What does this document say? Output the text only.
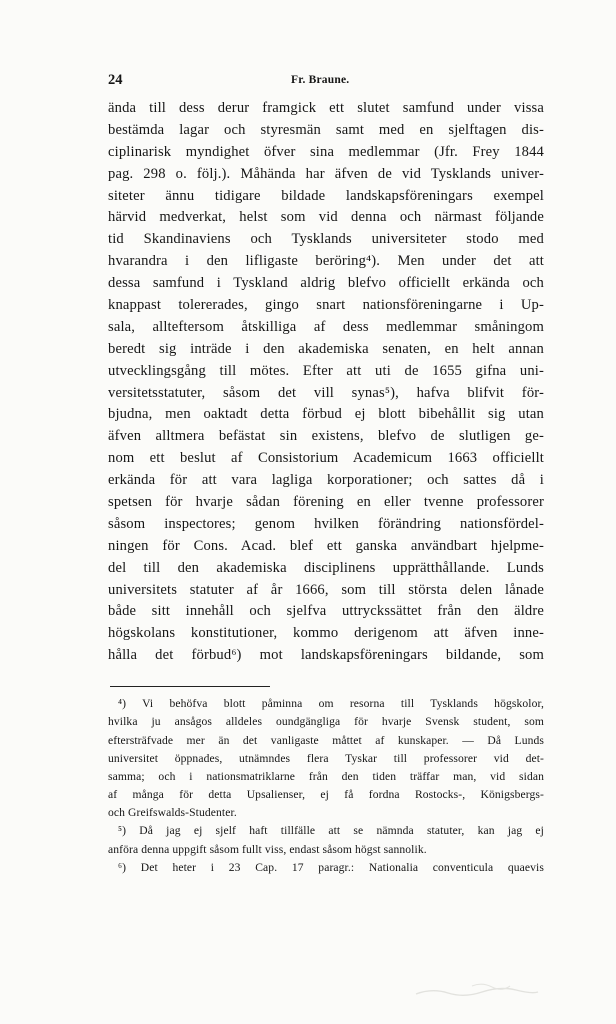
24	Fr. Braune.
ända till dess derur framgick ett slutet samfund under vissa
bestämda lagar och styresmän samt med en sjelftagen dis-
ciplinarisk myndighet öfver sina medlemmar (Jfr. Frey 1844
pag. 298 o. följ.). Måhända har äfven de vid Tysklands univer-
siteter ännu tidigare bildade landskapsföreningars exempel
härvid medverkat, helst som vid denna och närmast följande
tid Skandinaviens och Tysklands universiteter stodo med
hvarandra i den lifligaste beröring⁴). Men under det att
dessa samfund i Tyskland aldrig blefvo officiellt erkända och
knappast tolererades, gingo snart nationsföreningarne i Up-
sala, allteftersom åtskilliga af dess medlemmar småningom
beredt sig inträde i den akademiska senaten, en helt annan
utvecklingsgång till mötes. Efter att uti de 1655 gifna uni-
versitetsstatuter, såsom det vill synas⁵), hafva blifvit för-
bjudna, men oaktadt detta förbud ej blott bibehållit sig utan
äfven alltmera befästat sin existens, blefvo de slutligen ge-
nom ett beslut af Consistorium Academicum 1663 officiellt
erkända för att vara lagliga korporationer; och sattes då i
spetsen för hvarje sådan förening en eller tvenne professorer
såsom inspectores; genom hvilken förändring nationsfördel-
ningen för Cons. Acad. blef ett ganska användbart hjelpme-
del till den akademiska disciplinens upprätthållande. Lunds
universitets statuter af år 1666, som till största delen lånade
både sitt innehåll och sjelfva uttryckssättet från den äldre
högskolans konstitutioner, kommo derigenom att äfven inne-
hålla det förbud⁶) mot landskapsföreningars bildande, som
⁴) Vi behöfva blott påminna om resorna till Tysklands högskolor,
hvilka ju ansågos alldeles oundgängliga för hvarje Svensk student, som
eftersträfvade mer än det vanligaste måttet af kunskaper. — Då Lunds
universitet öppnades, utnämndes flera Tyskar till professorer vid det-
samma; och i nationsmatriklarne från den tiden träffar man, vid sidan
af många för detta Upsalienser, ej få fordna Rostocks-, Königsbergs-
och Greifswalds-Studenter.
⁵) Då jag ej sjelf haft tillfälle att se nämnda statuter, kan jag ej
anföra denna uppgift såsom fullt viss, endast såsom högst sannolik.
⁶) Det heter i 23 Cap. 17 paragr.: Nationalia conventicula quaevis
